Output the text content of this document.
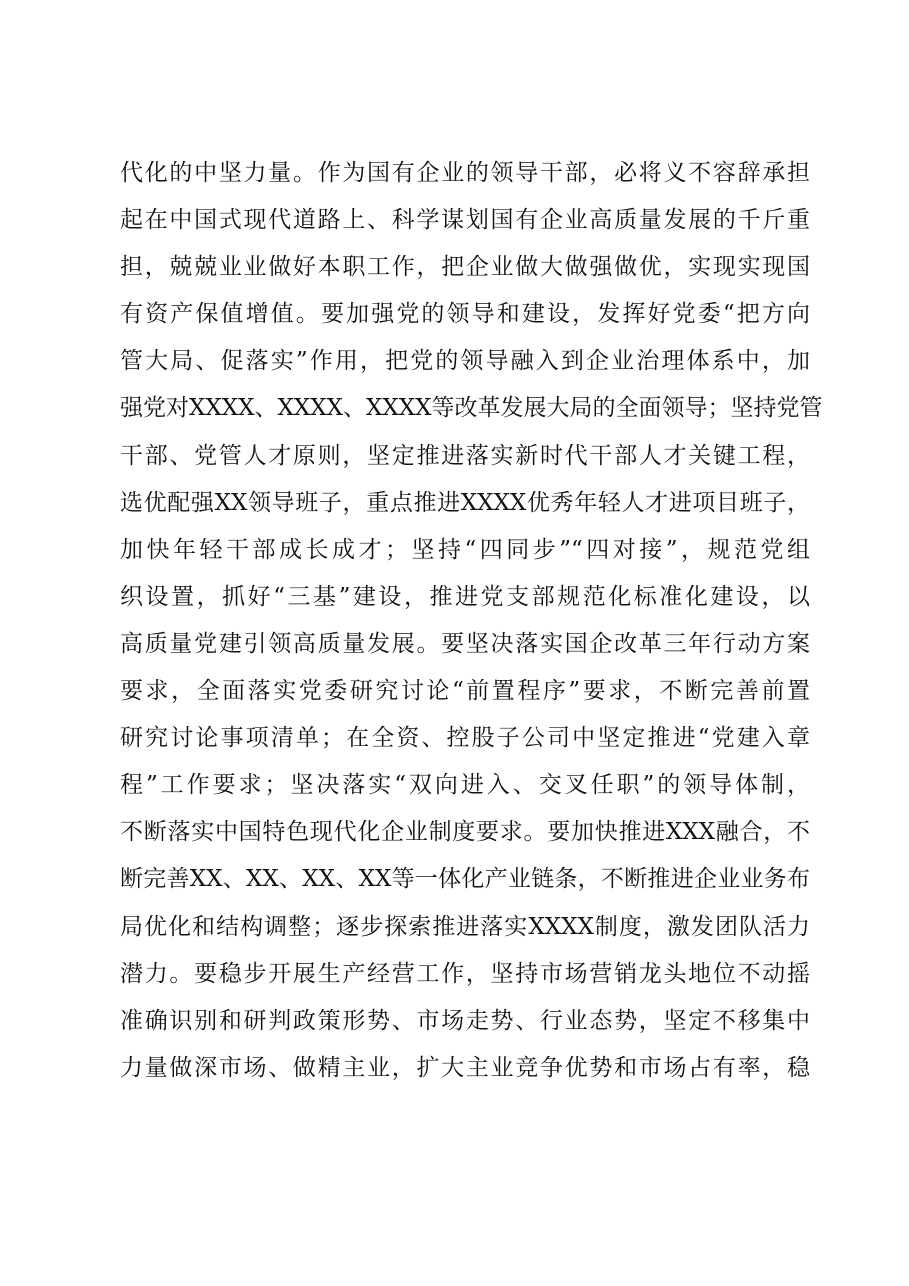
代化的中坚力量。作为国有企业的领导干部，必将义不容辞承担
起在中国式现代道路上、科学谋划国有企业高质量发展的千斤重
担，兢兢业业做好本职工作，把企业做大做强做优，实现实现国
有资产保值增值。要加强党的领导和建设，发挥好党委“把方向
管大局、促落实”作用，把党的领导融入到企业治理体系中，加
强党对XXXX、XXXX、XXXX等改革发展大局的全面领导；坚持党管
干部、党管人才原则，坚定推进落实新时代干部人才关键工程，
选优配强XX领导班子，重点推进XXXX优秀年轻人才进项目班子，
加快年轻干部成长成才；坚持“四同步”“四对接”，规范党组
织设置，抓好“三基”建设，推进党支部规范化标准化建设，以
高质量党建引领高质量发展。要坚决落实国企改革三年行动方案
要求，全面落实党委研究讨论“前置程序”要求，不断完善前置
研究讨论事项清单；在全资、控股子公司中坚定推进“党建入章
程”工作要求；坚决落实“双向进入、交叉任职”的领导体制，
不断落实中国特色现代化企业制度要求。要加快推进XXX融合，不
断完善XX、XX、XX、XX等一体化产业链条，不断推进企业业务布
局优化和结构调整；逐步探索推进落实XXXX制度，激发团队活力
潜力。要稳步开展生产经营工作，坚持市场营销龙头地位不动摇
准确识别和研判政策形势、市场走势、行业态势，坚定不移集中
力量做深市场、做精主业，扩大主业竞争优势和市场占有率，稳
